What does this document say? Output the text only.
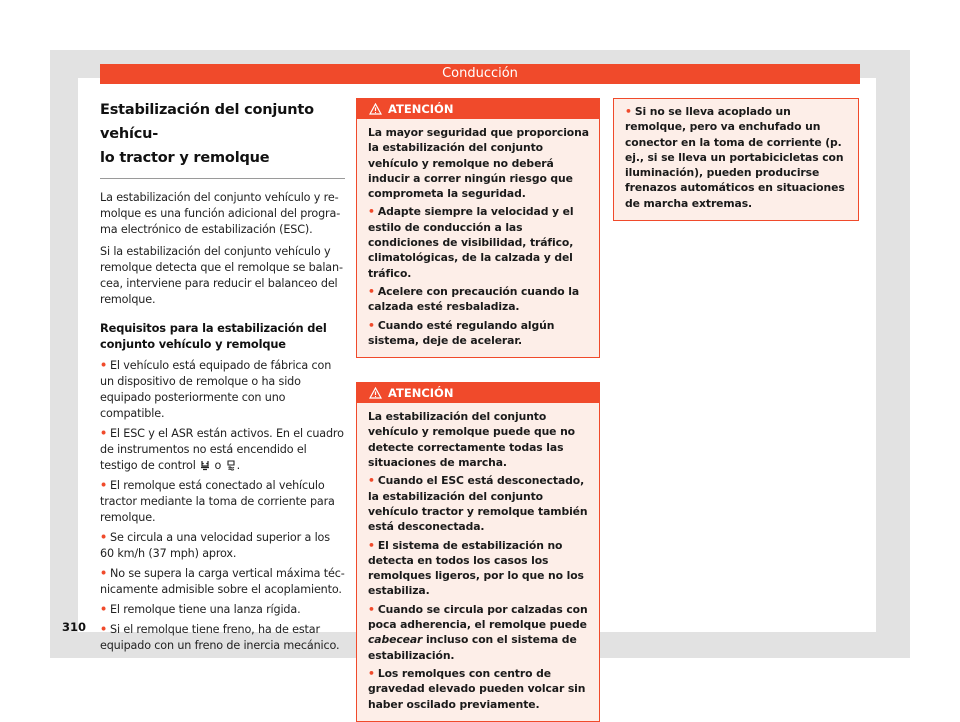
Conducción
Estabilización del conjunto vehícu-
lo tractor y remolque

La estabilización del conjunto vehículo y remolque es una función adicional del programa electrónico de estabilización (ESC).

Si la estabilización del conjunto vehículo y remolque detecta que el remolque se balancea, interviene para reducir el balanceo del remolque.

Requisitos para la estabilización del conjunto vehículo y remolque
• El vehículo está equipado de fábrica con un dispositivo de remolque o ha sido equipado posteriormente con uno compatible.
• El ESC y el ASR están activos. En el cuadro de instrumentos no está encendido el testigo de control o .
• El remolque está conectado al vehículo tractor mediante la toma de corriente para remolque.
• Se circula a una velocidad superior a los 60 km/h (37 mph) aprox.
• No se supera la carga vertical máxima técnicamente admisible sobre el acoplamiento.
• El remolque tiene una lanza rígida.
• Si el remolque tiene freno, ha de estar equipado con un freno de inercia mecánico.
ATENCIÓN

La mayor seguridad que proporciona la estabilización del conjunto vehículo y remolque no deberá inducir a correr ningún riesgo que comprometa la seguridad.

• Adapte siempre la velocidad y el estilo de conducción a las condiciones de visibilidad, tráfico, climatológicas, de la calzada y del tráfico.

• Acelere con precaución cuando la calzada esté resbaladiza.

• Cuando esté regulando algún sistema, deje de acelerar.

ATENCIÓN

La estabilización del conjunto vehículo y remolque puede que no detecte correctamente todas las situaciones de marcha.

• Cuando el ESC está desconectado, la estabilización del conjunto vehículo tractor y remolque también está desconectada.

• El sistema de estabilización no detecta en todos los casos los remolques ligeros, por lo que no los estabiliza.

• Cuando se circula por calzadas con poca adherencia, el remolque puede cabecear incluso con el sistema de estabilización.

• Los remolques con centro de gravedad elevado pueden volcar sin haber oscilado previamente.

• Si no se lleva acoplado un remolque, pero va enchufado un conector en la toma de corriente (p. ej., si se lleva un portabicicletas con iluminación), pueden producirse frenazos automáticos en situaciones de marcha extremas.

310
